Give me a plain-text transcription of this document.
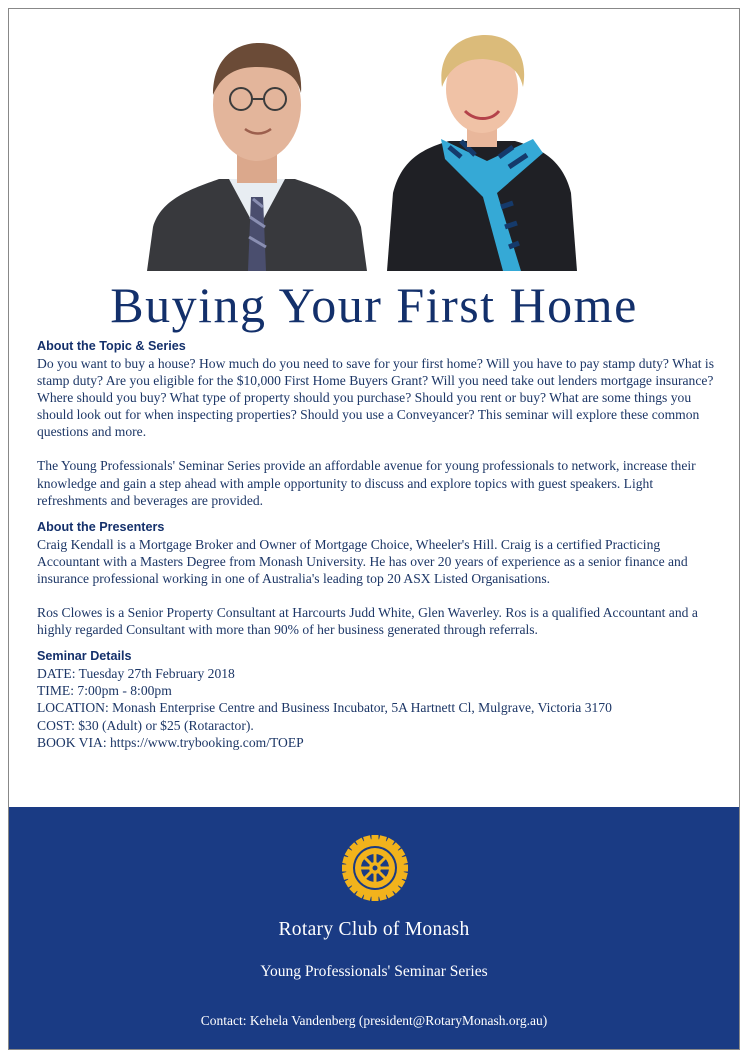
Buying Your First Home
About the Topic & Series

Do you want to buy a house? How much do you need to save for your first home? Will you have to pay stamp duty? What is stamp duty? Are you eligible for the $10,000 First Home Buyers Grant? Will you need take out lenders mortgage insurance? Where should you buy? What type of property should you purchase? Should you rent or buy? What are some things you should look out for when inspecting properties? Should you use a Conveyancer? This seminar will explore these common questions and more.

The Young Professionals' Seminar Series provide an affordable avenue for young professionals to network, increase their knowledge and gain a step ahead with ample opportunity to discuss and explore topics with guest speakers. Light refreshments and beverages are provided.

About the Presenters

Craig Kendall is a Mortgage Broker and Owner of Mortgage Choice, Wheeler's Hill. Craig is a certified Practicing Accountant with a Masters Degree from Monash University. He has over 20 years of experience as a senior finance and insurance professional working in one of Australia's leading top 20 ASX Listed Organisations.

Ros Clowes is a Senior Property Consultant at Harcourts Judd White, Glen Waverley. Ros is a qualified Accountant and a highly regarded Consultant with more than 90% of her business generated through referrals.

Seminar Details

DATE: Tuesday 27th February 2018

TIME: 7:00pm - 8:00pm

LOCATION: Monash Enterprise Centre and Business Incubator, 5A Hartnett Cl, Mulgrave, Victoria 3170

COST: $30 (Adult) or $25 (Rotaractor).

BOOK VIA: https://www.trybooking.com/TOEP

Rotary Club of Monash
Young Professionals' Seminar Series
Contact: Kehela Vandenberg (president@RotaryMonash.org.au)
